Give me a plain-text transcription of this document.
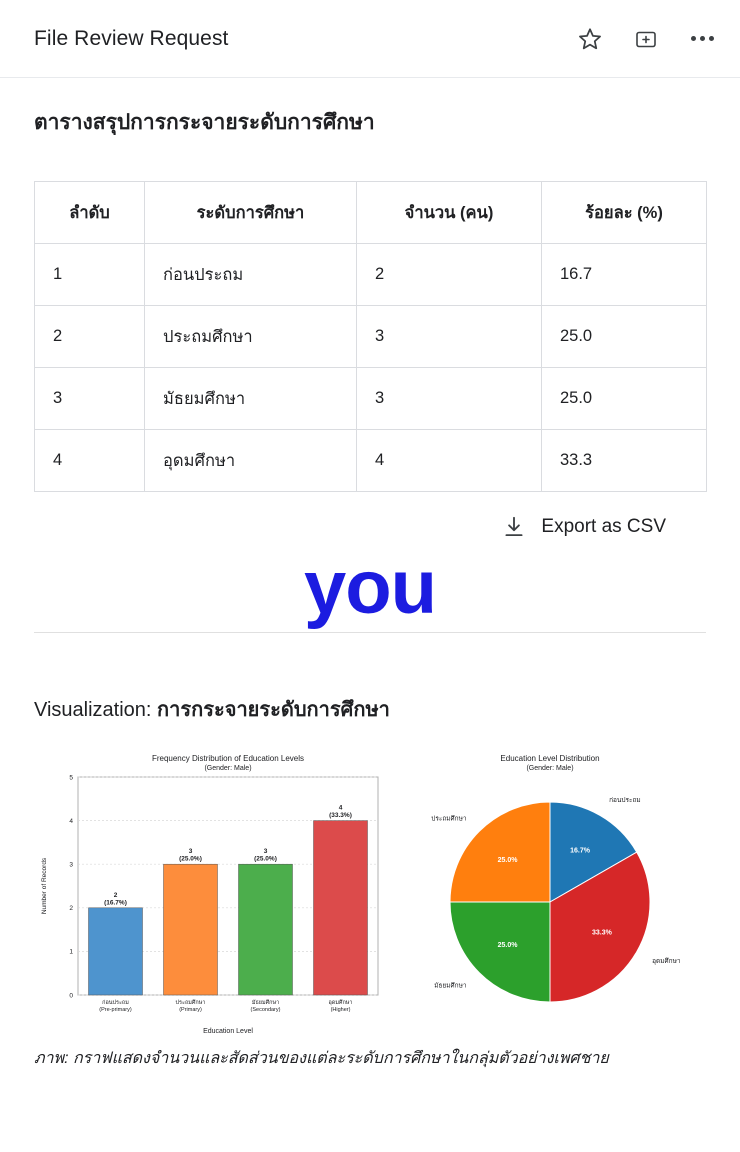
File Review Request
ตารางสรุปการกระจายระดับการศึกษา
ลำดับ	ระดับการศึกษา	จำนวน (คน)	ร้อยละ (%)
1	ก่อนประถม	2	16.7
2	ประถมศึกษา	3	25.0
3	มัธยมศึกษา	3	25.0
4	อุดมศึกษา	4	33.3
Export as CSV
you
Visualization: การกระจายระดับการศึกษา
Frequency Distribution of Education Levels
(Gender: Male)
Number of Records
Education Level
0
1
2
3
4
5
2
(16.7%)
3
(25.0%)
3
(25.0%)
4
(33.3%)
ก่อนประถม
(Pre-primary)
ประถมศึกษา
(Primary)
มัธยมศึกษา
(Secondary)
อุดมศึกษา
(Higher)
Education Level Distribution
(Gender: Male)
16.7%
33.3%
25.0%
25.0%
ก่อนประถม
อุดมศึกษา
มัธยมศึกษา
ประถมศึกษา
ภาพ: กราฟแสดงจำนวนและสัดส่วนของแต่ละระดับการศึกษาในกลุ่มตัวอย่างเพศชาย
